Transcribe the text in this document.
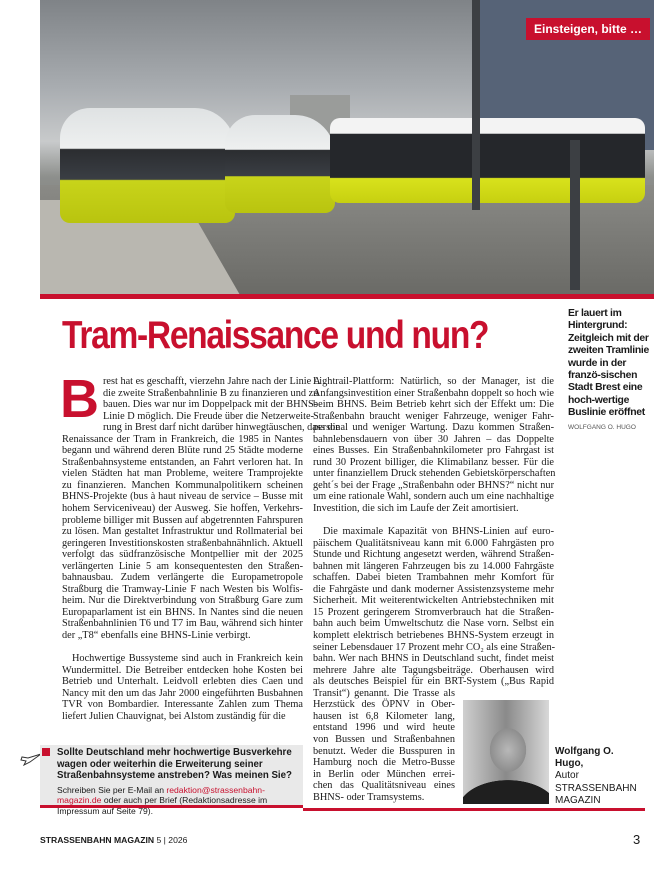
Einsteigen, bitte …
Tram-Renaissance und nun?
Er lauert im Hintergrund: Zeitgleich mit der zweiten Tramlinie wurde in der franzö-sischen Stadt Brest eine hoch-wertige Buslinie eröffnet
WOLFGANG O. HUGO
B rest hat es geschafft, vierzehn Jahre nach der Linie A
die zweite Straßenbahnlinie B zu finanzieren und zu
bauen. Dies war nur im Doppelpack mit der BHNS-
Linie D möglich. Die Freude über die Netzerweite-
rung in Brest darf nicht darüber hinwegtäuschen, dass die
Renaissance der Tram in Frankreich, die 1985 in Nantes
begann und während deren Blüte rund 25 Städte moderne
Straßenbahnsysteme entstanden, an Fahrt verloren hat. In
vielen Städten hat man Probleme, weitere Tramprojekte
zu finanzieren. Manchen Kommunalpolitikern scheinen
BHNS-Projekte (bus à haut niveau de service – Busse mit
hohem Serviceniveau) der Ausweg. Sie hoffen, Verkehrs-
probleme billiger mit Bussen auf abgetrennten Fahrspuren
zu lösen. Man gestaltet Infrastruktur und Rollmaterial bei
geringeren Investitionskosten straßenbahnähnlich. Aktuell
verfolgt das südfranzösische Montpellier mit der 2025
verlängerten Linie 5 am konsequentesten den Straßen-
bahnausbau. Zudem verlängerte die Europametropole
Straßburg die Tramway-Linie F nach Westen bis Wolfis-
heim. Nur die Direktverbindung von Straßburg Gare zum
Europaparlament ist ein BHNS. In Nantes sind die neuen
Straßenbahnlinien T6 und T7 im Bau, während sich hinter
der „T8“ ebenfalls eine BHNS-Linie verbirgt.
Hochwertige Bussysteme sind auch in Frankreich kein
Wundermittel. Die Betreiber entdecken hohe Kosten bei
Betrieb und Unterhalt. Leidvoll erlebten dies Caen und
Nancy mit den um das Jahr 2000 eingeführten Busbahnen
TVR von Bombardier. Interessante Zahlen zum Thema
liefert Julien Chauvignat, bei Alstom zuständig für die
Lightrail-Plattform: Natürlich, so der Manager, ist die
Anfangsinvestition einer Straßenbahn doppelt so hoch wie
beim BHNS. Beim Betrieb kehrt sich der Effekt um: Die
Straßenbahn braucht weniger Fahrzeuge, weniger Fahr-
personal und weniger Wartung. Dazu kommen Straßen-
bahnlebensdauern von über 30 Jahren – das Doppelte
eines Busses. Ein Straßenbahnkilometer pro Fahrgast ist
rund 30 Prozent billiger, die Klimabilanz besser. Für die
unter finanziellem Druck stehenden Gebietskörperschaften
geht´s bei der Frage „Straßenbahn oder BHNS?“ nicht nur
um eine rationale Wahl, sondern auch um eine nachhaltige
Investition, die sich im Laufe der Zeit amortisiert.
Die maximale Kapazität von BHNS-Linien auf euro-
päischem Qualitätsniveau kann mit 6.000 Fahrgästen pro
Stunde und Richtung angesetzt werden, während Straßen-
bahnen mit längeren Fahrzeugen bis zu 14.000 Fahrgäste
schaffen. Dabei bieten Trambahnen mehr Komfort für
die Fahrgäste und dank moderner Assistenzsysteme mehr
Sicherheit. Mit weiterentwickelten Antriebstechniken mit
15 Prozent geringerem Stromverbrauch hat die Straßen-
bahn auch beim Umweltschutz die Nase vorn. Selbst ein
komplett elektrisch betriebenes BHNS-System erzeugt in
seiner Lebensdauer 17 Prozent mehr CO₂ als eine Straßen-
bahn. Wer nach BHNS in Deutschland sucht, findet meist
mehrere Jahre alte Tagungsbeiträge. Oberhausen wird
als deutsches Beispiel für ein BRT-System („Bus Rapid
Transit“) genannt. Die Trasse als
Herzstück des ÖPNV in Ober-
hausen ist 6,8 Kilometer lang,
entstand 1996 und wird heute
von Bussen und Straßenbahnen
benutzt. Weder die Busspuren in
Hamburg noch die Metro-Busse
in Berlin oder München errei-
chen das Qualitätsniveau eines
BHNS- oder Tramsystems.
Wolfgang O.
Hugo,
Autor
STRASSENBAHN
MAGAZIN
Sollte Deutschland mehr hochwertige Busverkehre wagen oder weiterhin die Erweiterung seiner Straßenbahnsysteme anstreben? Was meinen Sie?
Schreiben Sie per E-Mail an redaktion@strassenbahn-magazin.de oder auch per Brief (Redaktionsadresse im Impressum auf Seite 79).
STRASSENBAHN MAGAZIN 5 | 2026	3
